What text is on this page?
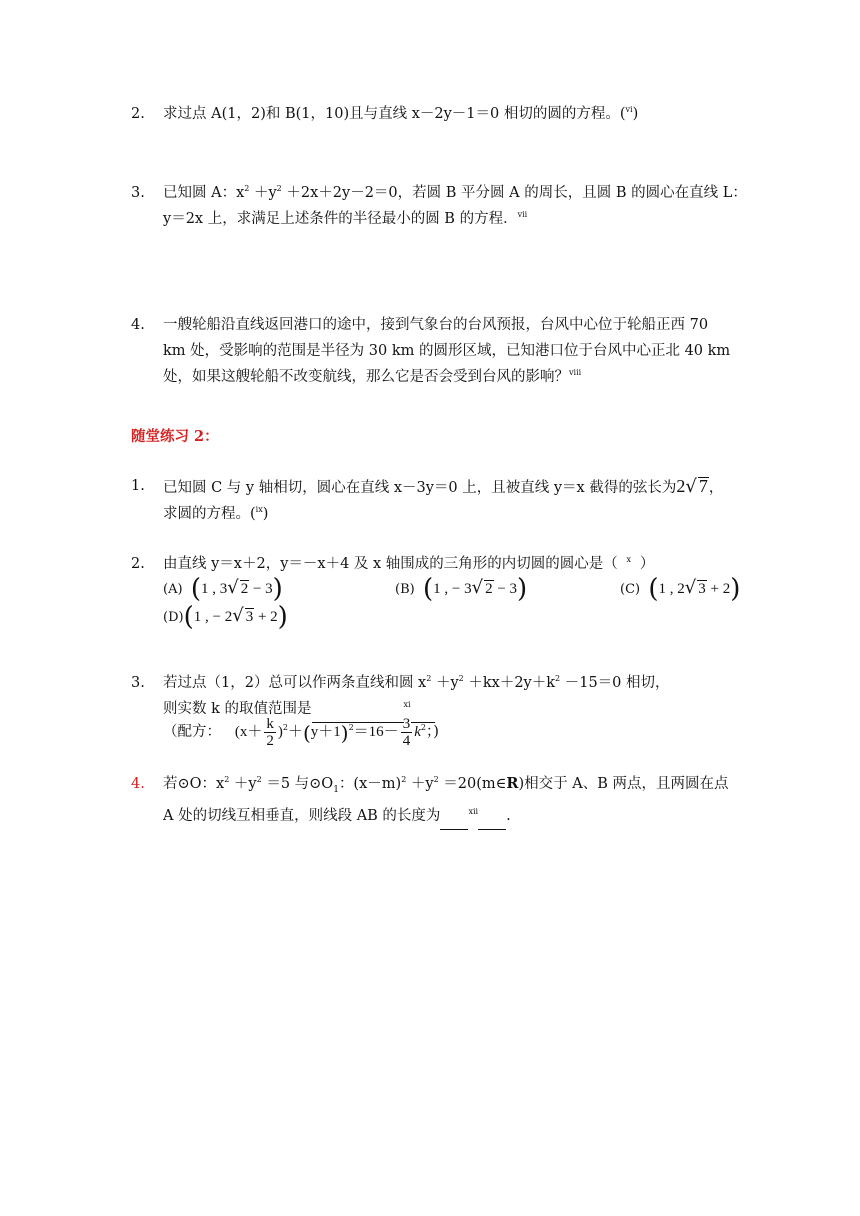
2.	求过点 A(1，2)和 B(1，10)且与直线 x－2y－1＝0 相切的圆的方程。($^{vi}$)
3.	已知圆 A：$x^2 +y^2 +2x+2y-2=0$，若圆 B 平分圆 A 的周长，且圆 B 的圆心在直线 L：
y＝2x 上，求满足上述条件的半径最小的圆 B 的方程．$^{vii}$
4.	一艘轮船沿直线返回港口的途中，接到气象台的台风预报，台风中心位于轮船正西 70
km 处，受影响的范围是半径为 30 km 的圆形区域，已知港口位于台风中心正北 40 km
处，如果这艘轮船不改变航线，那么它是否会受到台风的影响？$^{viii}$
随堂练习 2：
1.	已知圆 C 与 y 轴相切，圆心在直线 x－3y＝0 上，且被直线 y＝x 截得的弦长为2√ 7，
求圆的方程。($^{ix}$)
2.	由直线 y＝x＋2，y＝－x＋4 及 x 轴围成的三角形的内切圆的圆心是（ $^x$ ）
(A) (1 , 3√ 2 − 3)	(B) (1 , − 3√ 2 − 3)	(C) (1 , 2√ 3 + 2)
(D)(1 , − 2√ 3 + 2)
3.	若过点（1，2）总可以作两条直线和圆 $x^2 +y^2 +kx+2y+k^2 -15=0$ 相切，
则实数 k 的取值范围是	$^{xi}$
（配方： $(x+ \frac{k}{2} )^2+(y+1)^2=16- \frac{3}{4} k^2$；)
4.	若⊙O：$x^2 +y^2 =5$ 与$⊙O_1$：$(x-m)^2 +y^2$ ＝20(m∈R)相交于 A、B 两点，且两圆在点
A 处的切线互相垂直，则线段 AB 的长度为	$^{xii}$ .
